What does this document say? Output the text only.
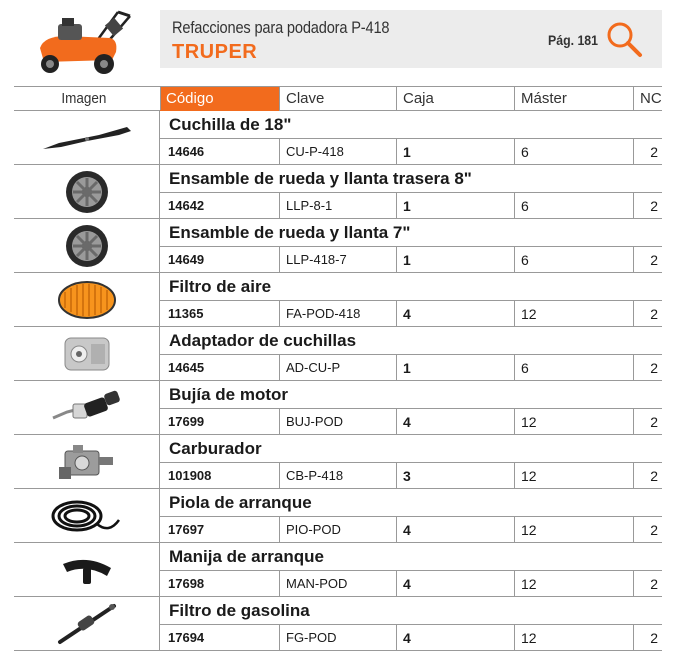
Refacciones para podadora P-418
TRUPER
Pág. 181
Imagen	Código	Clave	Caja	Máster	NC
Cuchilla de 18"
14646	CU-P-418	1	6	2
Ensamble de rueda y llanta trasera 8"
14642	LLP-8-1	1	6	2
Ensamble de rueda y llanta 7"
14649	LLP-418-7	1	6	2
Filtro de aire
11365	FA-POD-418	4	12	2
Adaptador de cuchillas
14645	AD-CU-P	1	6	2
Bujía de motor
17699	BUJ-POD	4	12	2
Carburador
101908	CB-P-418	3	12	2
Piola de arranque
17697	PIO-POD	4	12	2
Manija de arranque
17698	MAN-POD	4	12	2
Filtro de gasolina
17694	FG-POD	4	12	2
